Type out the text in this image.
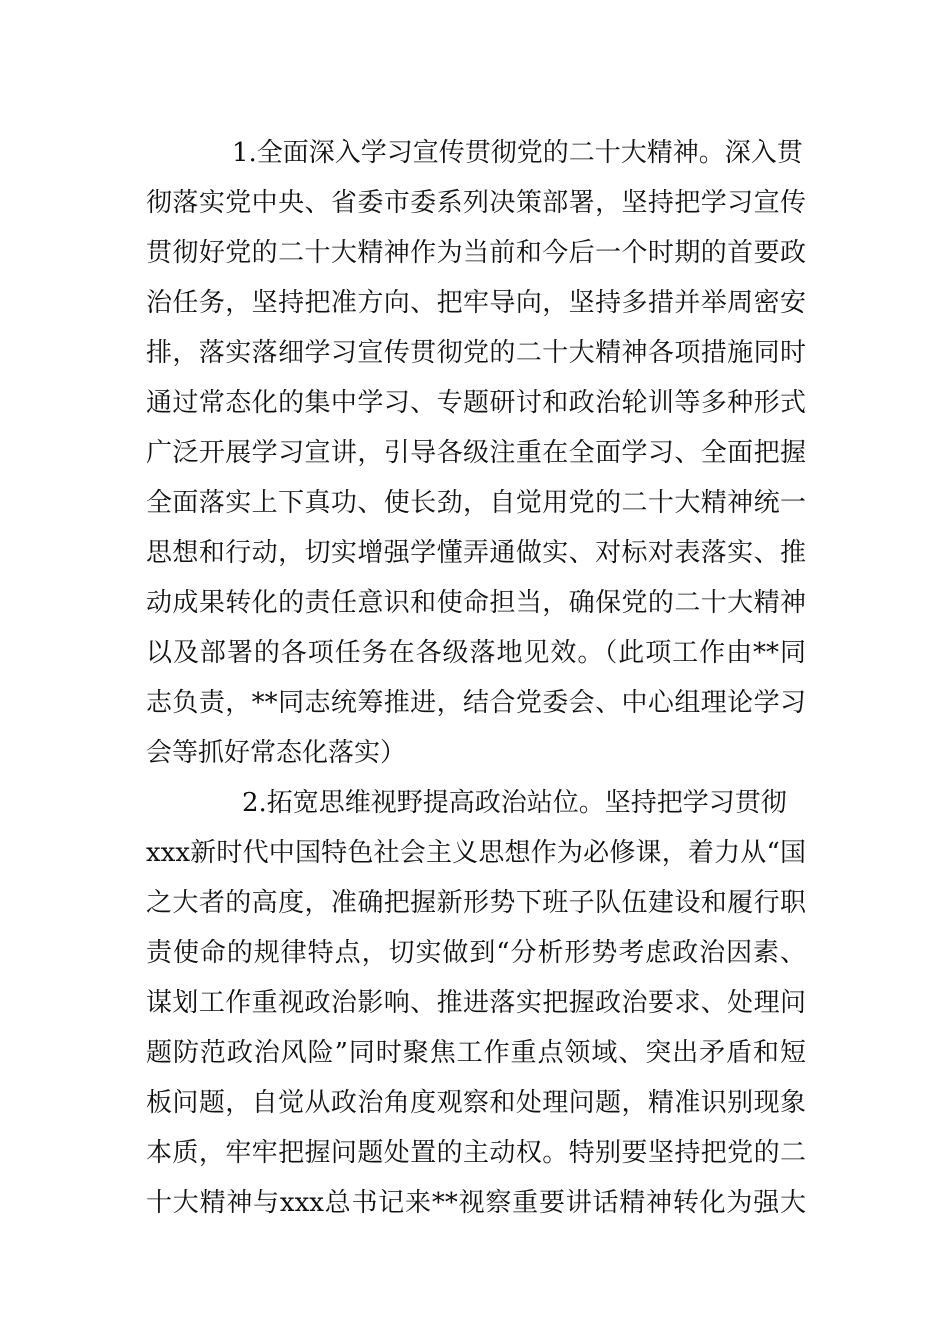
1.全面深入学习宣传贯彻党的二十大精神。深入贯
彻落实党中央、省委市委系列决策部署，坚持把学习宣传
贯彻好党的二十大精神作为当前和今后一个时期的首要政
治任务，坚持把准方向、把牢导向，坚持多措并举周密安
排，落实落细学习宣传贯彻党的二十大精神各项措施同时
通过常态化的集中学习、专题研讨和政治轮训等多种形式
广泛开展学习宣讲，引导各级注重在全面学习、全面把握
全面落实上下真功、使长劲，自觉用党的二十大精神统一
思想和行动，切实增强学懂弄通做实、对标对表落实、推
动成果转化的责任意识和使命担当，确保党的二十大精神
以及部署的各项任务在各级落地见效。（此项工作由**同
志负责，**同志统筹推进，结合党委会、中心组理论学习
会等抓好常态化落实）
2.拓宽思维视野提高政治站位。坚持把学习贯彻
xxx新时代中国特色社会主义思想作为必修课，着力从“国
之大者的高度，准确把握新形势下班子队伍建设和履行职
责使命的规律特点，切实做到“分析形势考虑政治因素、
谋划工作重视政治影响、推进落实把握政治要求、处理问
题防范政治风险”同时聚焦工作重点领域、突出矛盾和短
板问题，自觉从政治角度观察和处理问题，精准识别现象
本质，牢牢把握问题处置的主动权。特别要坚持把党的二
十大精神与xxx总书记来**视察重要讲话精神转化为强大
